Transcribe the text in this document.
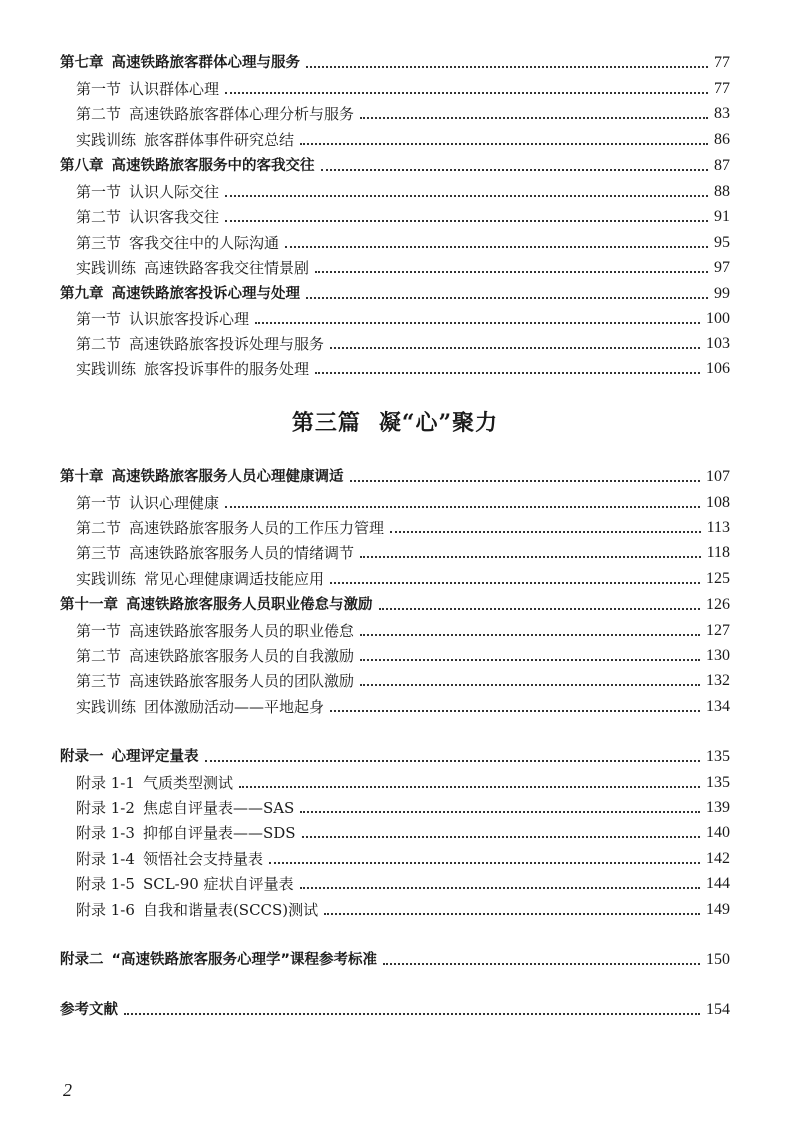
第七章 高速铁路旅客群体心理与服务	77
第一节 认识群体心理	77
第二节 高速铁路旅客群体心理分析与服务	83
实践训练 旅客群体事件研究总结	86
第八章 高速铁路旅客服务中的客我交往	87
第一节 认识人际交往	88
第二节 认识客我交往	91
第三节 客我交往中的人际沟通	95
实践训练 高速铁路客我交往情景剧	97
第九章 高速铁路旅客投诉心理与处理	99
第一节 认识旅客投诉心理	100
第二节 高速铁路旅客投诉处理与服务	103
实践训练 旅客投诉事件的服务处理	106
第三篇 凝“心”聚力
第十章 高速铁路旅客服务人员心理健康调适	107
第一节 认识心理健康	108
第二节 高速铁路旅客服务人员的工作压力管理	113
第三节 高速铁路旅客服务人员的情绪调节	118
实践训练 常见心理健康调适技能应用	125
第十一章 高速铁路旅客服务人员职业倦怠与激励	126
第一节 高速铁路旅客服务人员的职业倦怠	127
第二节 高速铁路旅客服务人员的自我激励	130
第三节 高速铁路旅客服务人员的团队激励	132
实践训练 团体激励活动——平地起身	134
附录一 心理评定量表	135
附录 1-1 气质类型测试	135
附录 1-2 焦虑自评量表——SAS	139
附录 1-3 抑郁自评量表——SDS	140
附录 1-4 领悟社会支持量表	142
附录 1-5 SCL-90 症状自评量表	144
附录 1-6 自我和谐量表(SCCS)测试	149
附录二 “高速铁路旅客服务心理学”课程参考标准	150
参考文献	154
2
